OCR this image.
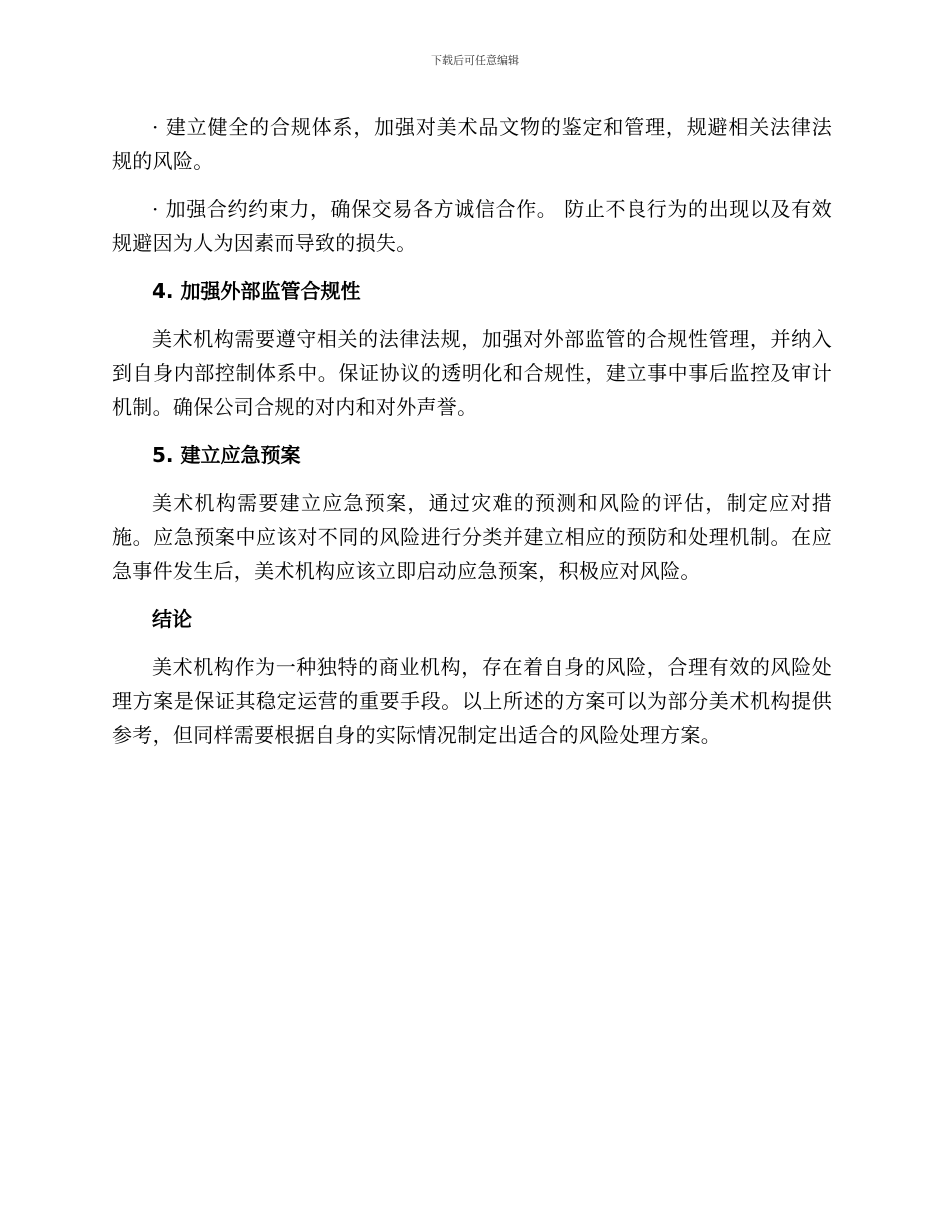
下载后可任意编辑

· 建立健全的合规体系，加强对美术品文物的鉴定和管理，规避相关法律法规的风险。

· 加强合约约束力，确保交易各方诚信合作。 防止不良行为的出现以及有效规避因为人为因素而导致的损失。

4. 加强外部监管合规性

美术机构需要遵守相关的法律法规，加强对外部监管的合规性管理，并纳入到自身内部控制体系中。保证协议的透明化和合规性，建立事中事后监控及审计机制。确保公司合规的对内和对外声誉。

5. 建立应急预案

美术机构需要建立应急预案，通过灾难的预测和风险的评估，制定应对措施。应急预案中应该对不同的风险进行分类并建立相应的预防和处理机制。在应急事件发生后，美术机构应该立即启动应急预案，积极应对风险。

结论

美术机构作为一种独特的商业机构，存在着自身的风险，合理有效的风险处理方案是保证其稳定运营的重要手段。以上所述的方案可以为部分美术机构提供参考，但同样需要根据自身的实际情况制定出适合的风险处理方案。
